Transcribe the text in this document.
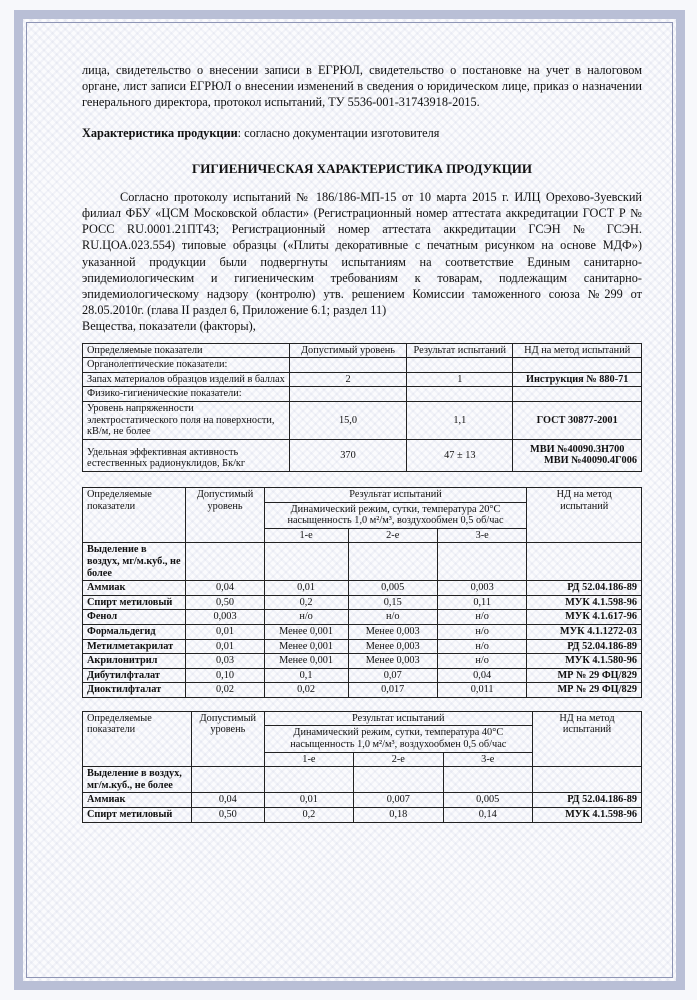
лица, свидетельство о внесении записи в ЕГРЮЛ, свидетельство о постановке на учет в налоговом органе, лист записи ЕГРЮЛ о внесении изменений в сведения о юридическом лице, приказ о назначении генерального директора, протокол испытаний, ТУ 5536-001-31743918-2015.

Характеристика продукции: согласно документации изготовителя

ГИГИЕНИЧЕСКАЯ ХАРАКТЕРИСТИКА ПРОДУКЦИИ

Согласно протоколу испытаний № 186/186-МП-15 от 10 марта 2015 г. ИЛЦ Орехово-Зуевский филиал ФБУ «ЦСМ Московской области» (Регистрационный номер аттестата аккредитации ГОСТ Р № РОСС RU.0001.21ПТ43; Регистрационный номер аттестата аккредитации ГСЭН № ГСЭН. RU.ЦОА.023.554) типовые образцы («Плиты декоративные с печатным рисунком на основе МДФ») указанной продукции были подвергнуты испытаниям на соответствие Единым санитарно-эпидемиологическим и гигиеническим требованиям к товарам, подлежащим санитарно-эпидемиологическому надзору (контролю) утв. решением Комиссии таможенного союза №299 от 28.05.2010г. (глава II раздел 6, Приложение 6.1; раздел 11)

Вещества, показатели (факторы),

Определяемые показатели	Допустимый уровень	Результат испытаний	НД на метод испытаний
Органолептические показатели:			
Запах материалов образцов изделий в баллах	2	1	Инструкция № 880-71
Физико-гигиенические показатели:			
Уровень напряженности электростатического поля на поверхности, кВ/м, не более	15,0	1,1	ГОСТ 30877-2001
Удельная эффективная активность естественных радионуклидов, Бк/кг	370	47 ± 13	МВИ №40090.3Н700
МВИ №40090.4Г006
Определяемые показатели	Допустимый уровень	Результат испытаний			НД на метод испытаний
		Динамический режим, сутки, температура 20°С насыщенность 1,0 м²/м³, воздухообмен 0,5 об/час			
		1-е	2-е	3-е	
Выделение в воздух, мг/м.куб., не более					
Аммиак	0,04	0,01	0,005	0,003	РД 52.04.186-89
Спирт метиловый	0,50	0,2	0,15	0,11	МУК 4.1.598-96
Фенол	0,003	н/о	н/о	н/о	МУК 4.1.617-96
Формальдегид	0,01	Менее 0,001	Менее 0,003	н/о	МУК 4.1.1272-03
Метилметакрилат	0,01	Менее 0,001	Менее 0,003	н/о	РД 52.04.186-89
Акрилонитрил	0,03	Менее 0,001	Менее 0,003	н/о	МУК 4.1.580-96
Дибутилфталат	0,10	0,1	0,07	0,04	МР № 29 ФЦ/829
Диоктилфталат	0,02	0,02	0,017	0,011	МР № 29 ФЦ/829
Определяемые показатели	Допустимый уровень	Результат испытаний			НД на метод испытаний
		Динамический режим, сутки, температура 40°С насыщенность 1,0 м²/м³, воздухообмен 0,5 об/час			
		1-е	2-е	3-е	
Выделение в воздух, мг/м.куб., не более					
Аммиак	0,04	0,01	0,007	0,005	РД 52.04.186-89
Спирт метиловый	0,50	0,2	0,18	0,14	МУК 4.1.598-96
